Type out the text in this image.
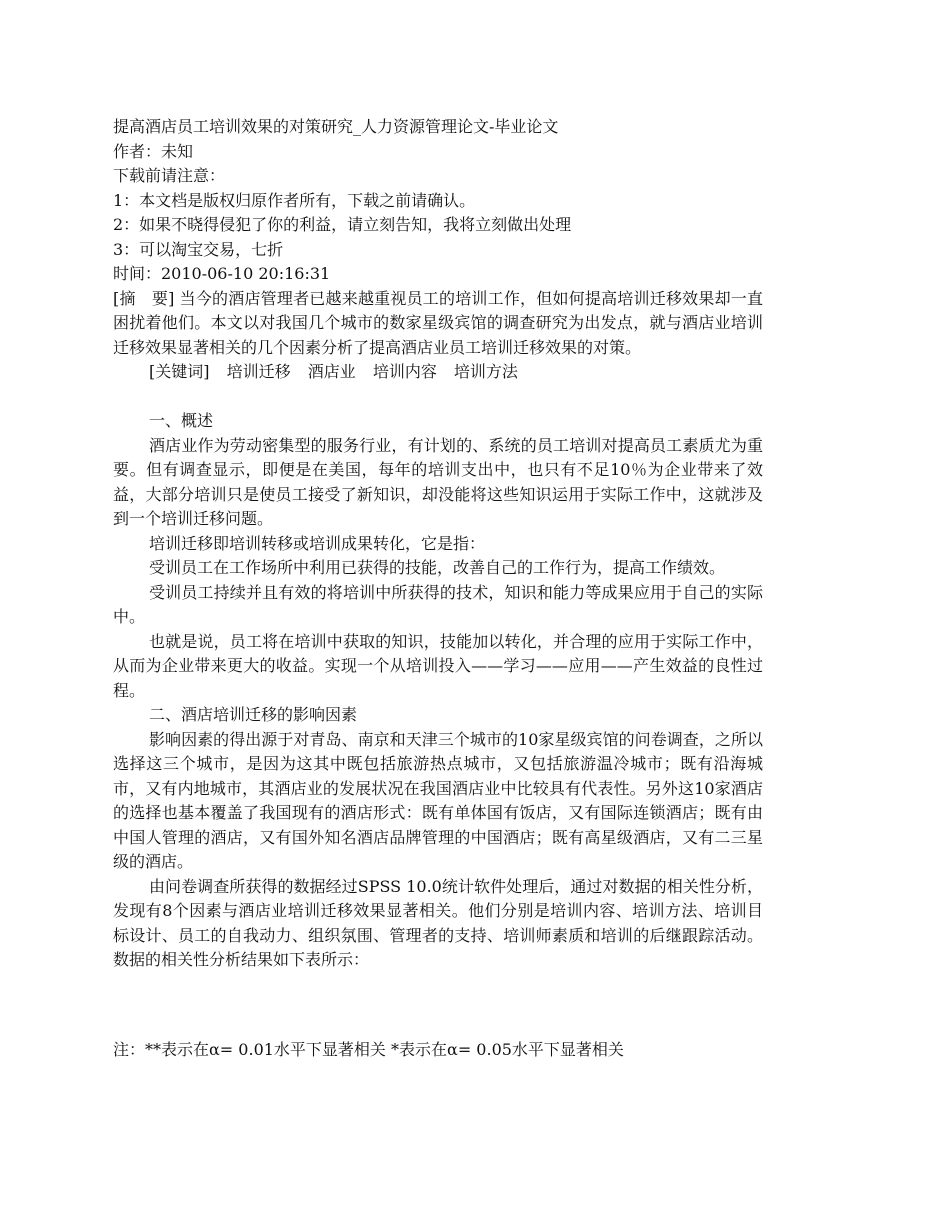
提高酒店员工培训效果的对策研究_人力资源管理论文-毕业论文

作者：未知

下载前请注意：

1：本文档是版权归原作者所有，下载之前请确认。

2：如果不晓得侵犯了你的利益，请立刻告知，我将立刻做出处理

3：可以淘宝交易，七折

时间：2010-06-10 20:16:31

[摘　要] 当今的酒店管理者已越来越重视员工的培训工作，但如何提高培训迁移效果却一直困扰着他们。本文以对我国几个城市的数家星级宾馆的调查研究为出发点，就与酒店业培训迁移效果显著相关的几个因素分析了提高酒店业员工培训迁移效果的对策。

[关键词] 培训迁移 酒店业 培训内容 培训方法

一、概述

酒店业作为劳动密集型的服务行业，有计划的、系统的员工培训对提高员工素质尤为重要。但有调查显示，即便是在美国，每年的培训支出中，也只有不足10％为企业带来了效益，大部分培训只是使员工接受了新知识，却没能将这些知识运用于实际工作中，这就涉及到一个培训迁移问题。

培训迁移即培训转移或培训成果转化，它是指：

受训员工在工作场所中利用已获得的技能，改善自己的工作行为，提高工作绩效。

受训员工持续并且有效的将培训中所获得的技术，知识和能力等成果应用于自己的实际中。

也就是说，员工将在培训中获取的知识，技能加以转化，并合理的应用于实际工作中，从而为企业带来更大的收益。实现一个从培训投入——学习——应用——产生效益的良性过程。

二、酒店培训迁移的影响因素

影响因素的得出源于对青岛、南京和天津三个城市的10家星级宾馆的问卷调查，之所以选择这三个城市，是因为这其中既包括旅游热点城市，又包括旅游温冷城市；既有沿海城市，又有内地城市，其酒店业的发展状况在我国酒店业中比较具有代表性。另外这10家酒店的选择也基本覆盖了我国现有的酒店形式：既有单体国有饭店，又有国际连锁酒店；既有由中国人管理的酒店，又有国外知名酒店品牌管理的中国酒店；既有高星级酒店，又有二三星级的酒店。

由问卷调查所获得的数据经过SPSS 10.0统计软件处理后，通过对数据的相关性分析，发现有8个因素与酒店业培训迁移效果显著相关。他们分别是培训内容、培训方法、培训目标设计、员工的自我动力、组织氛围、管理者的支持、培训师素质和培训的后继跟踪活动。数据的相关性分析结果如下表所示：

注：**表示在α= 0.01水平下显著相关 *表示在α= 0.05水平下显著相关
